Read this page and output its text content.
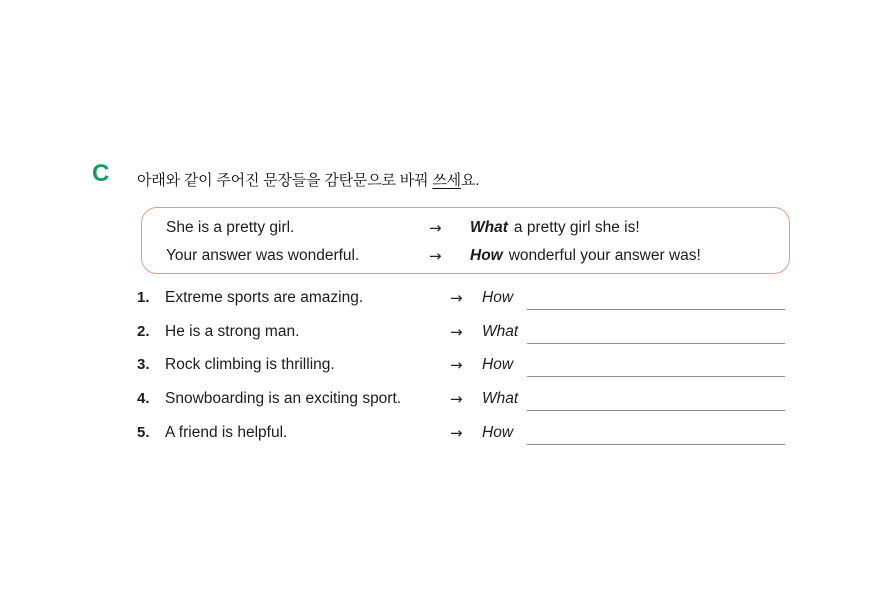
C 아래와 같이 주어진 문장들을 감탄문으로 바꿔 쓰세요.
She is a pretty girl.	→ What a pretty girl she is!
Your answer was wonderful.	→ How wonderful your answer was!
1. Extreme sports are amazing.	→ How
2. He is a strong man.	→ What
3. Rock climbing is thrilling.	→ How
4. Snowboarding is an exciting sport.	→ What
5. A friend is helpful.	→ How
